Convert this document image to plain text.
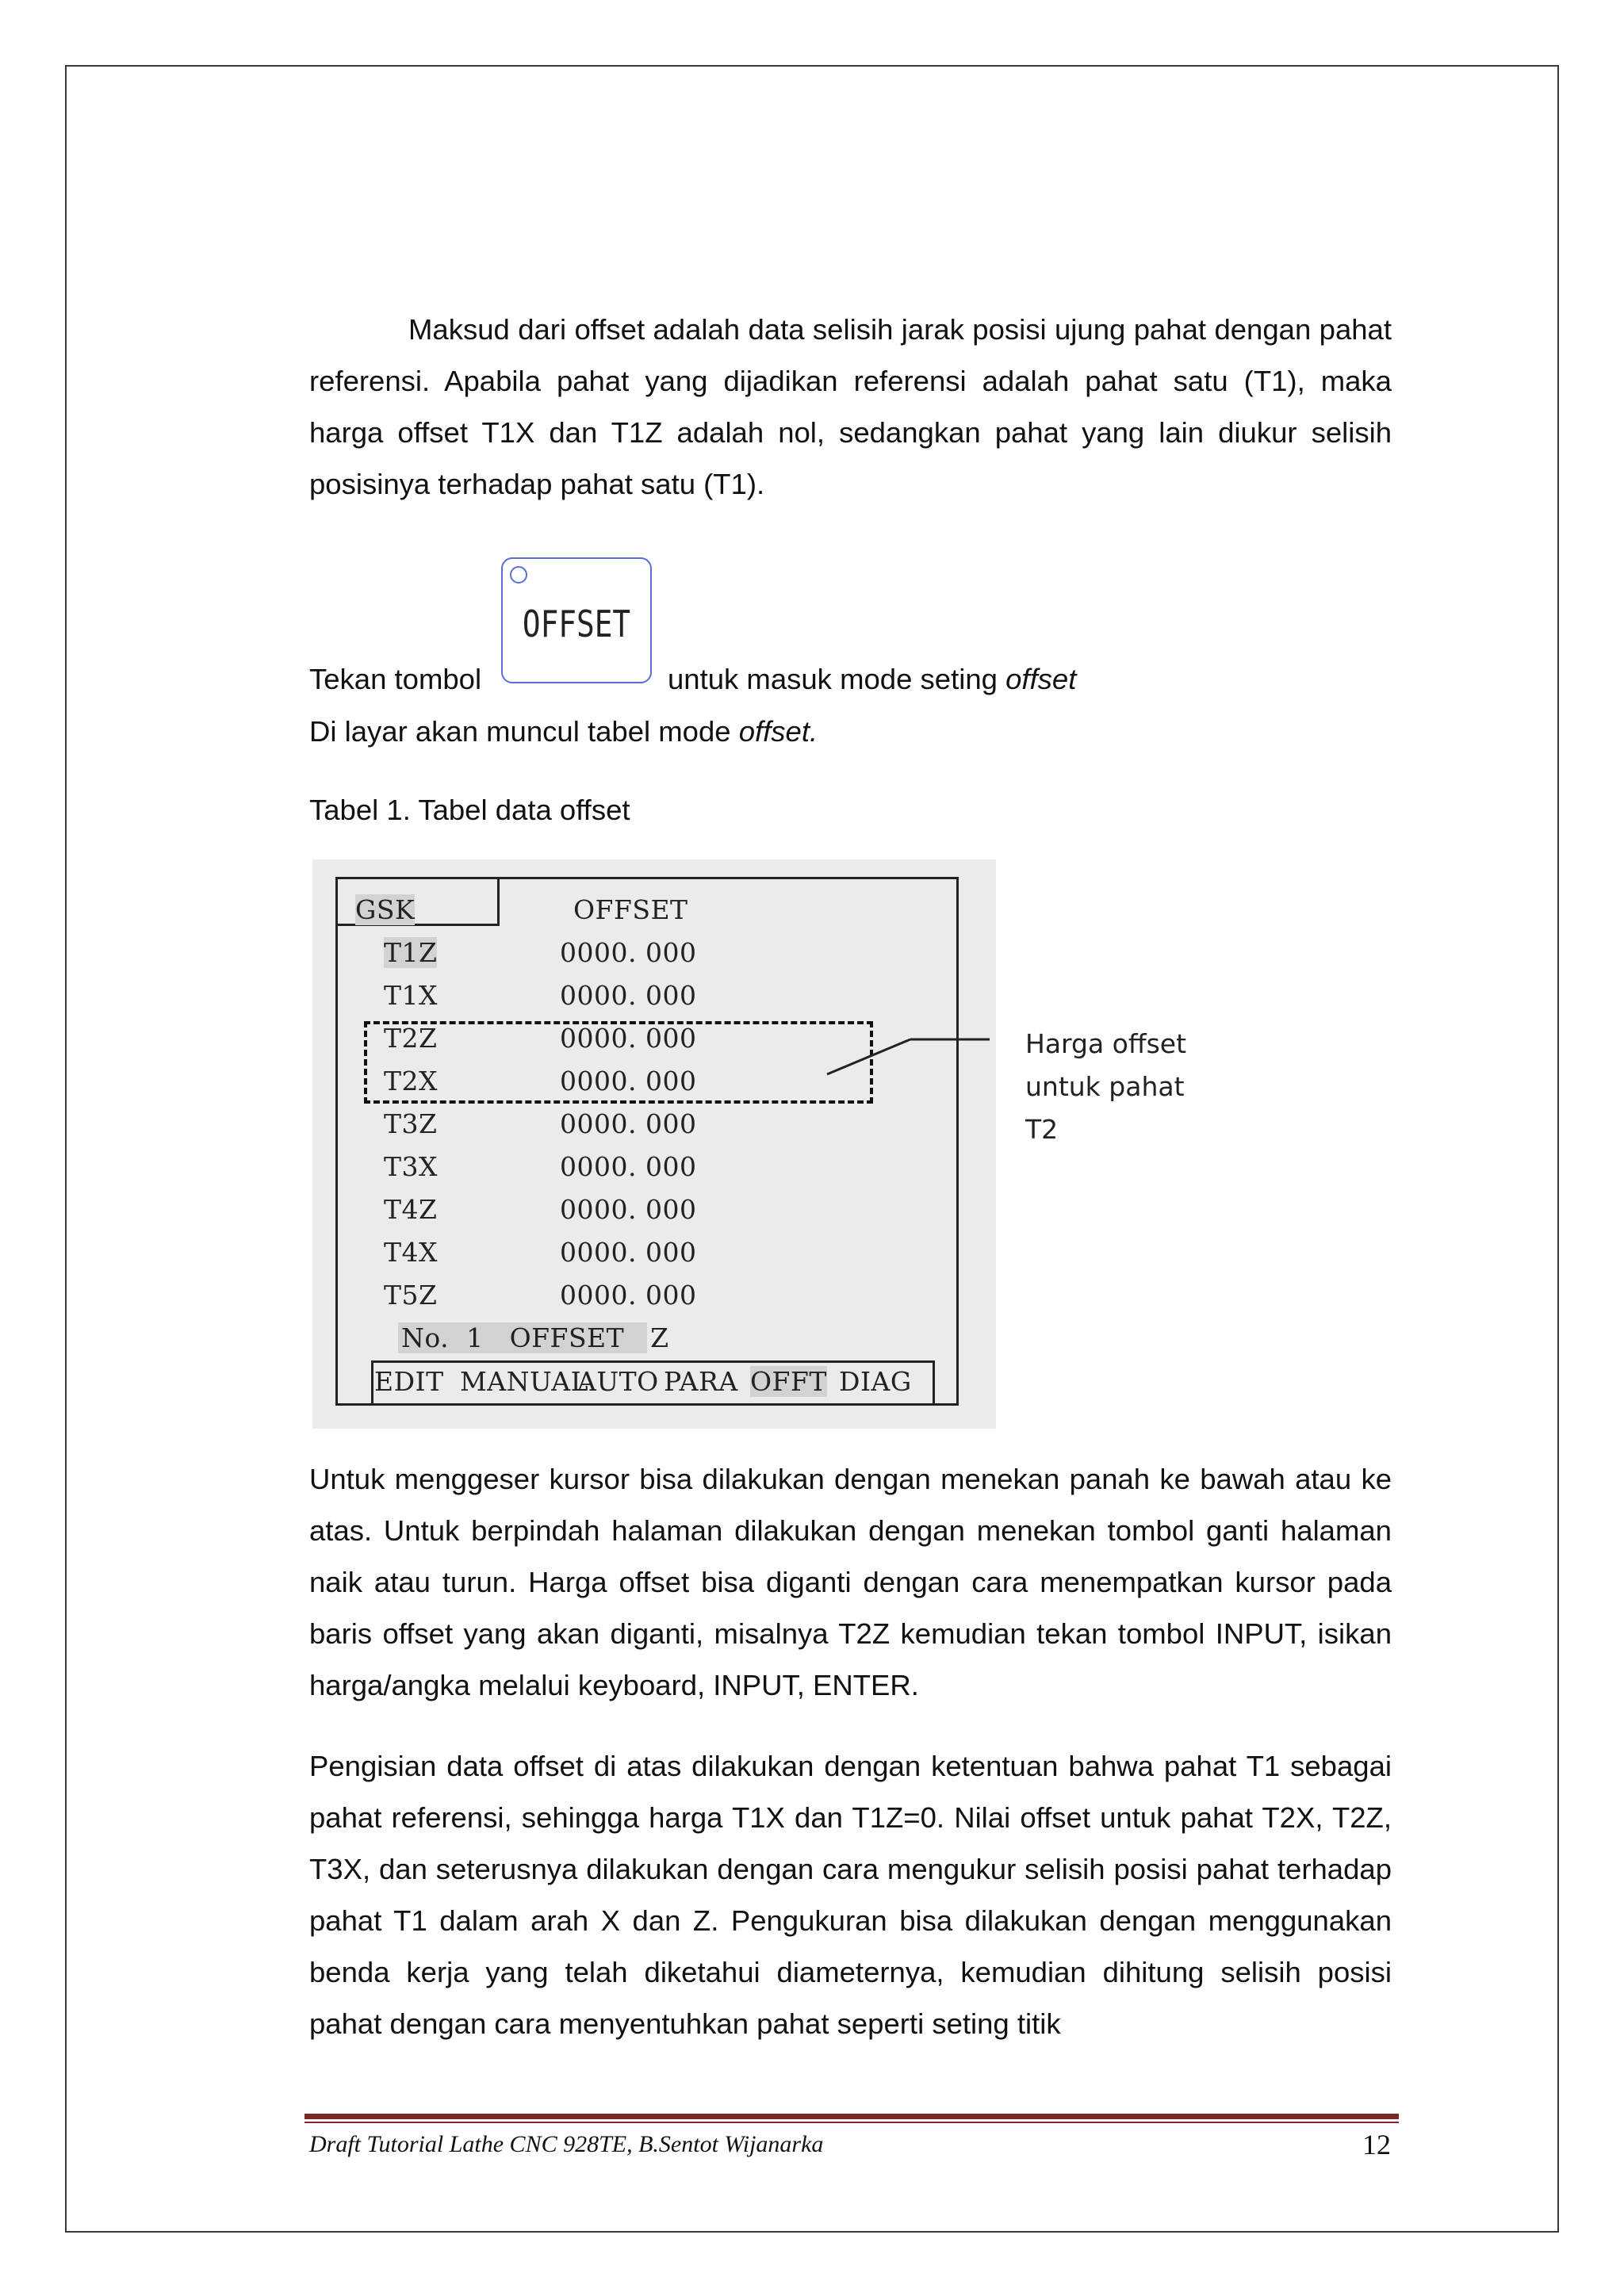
Maksud dari offset adalah data selisih jarak posisi ujung pahat dengan pahat referensi. Apabila pahat yang dijadikan referensi adalah pahat satu (T1), maka harga offset T1X dan T1Z adalah nol, sedangkan pahat yang lain diukur selisih posisinya terhadap pahat satu (T1).

OFFSET
Tekan tombol	untuk masuk mode seting offset
Di layar akan muncul tabel mode offset.
Tabel 1. Tabel data offset
GSK	OFFSET
T1Z	0000. 000
T1X	0000. 000
T2Z	0000. 000
T2X	0000. 000
T3Z	0000. 000
T3X	0000. 000
T4Z	0000. 000
T4X	0000. 000
T5Z	0000. 000
No.  1   OFFSET   Z
EDIT MANUAL
AUTO PARA OFFT DIAG
Harga offset
untuk pahat
T2

Untuk menggeser kursor bisa dilakukan dengan menekan panah ke bawah atau ke atas. Untuk berpindah halaman dilakukan dengan menekan tombol ganti halaman naik atau turun. Harga offset bisa diganti dengan cara menempatkan kursor pada baris offset yang akan diganti, misalnya T2Z kemudian tekan tombol INPUT, isikan harga/angka melalui keyboard, INPUT, ENTER.

Pengisian data offset di atas dilakukan dengan ketentuan bahwa pahat T1 sebagai pahat referensi, sehingga harga T1X dan T1Z=0. Nilai offset untuk pahat T2X, T2Z, T3X, dan seterusnya dilakukan dengan cara mengukur selisih posisi pahat terhadap pahat T1 dalam arah X dan Z. Pengukuran bisa dilakukan dengan menggunakan benda kerja yang telah diketahui diameternya, kemudian dihitung selisih posisi pahat dengan cara menyentuhkan pahat seperti seting titik

Draft Tutorial Lathe CNC 928TE, B.Sentot Wijanarka	12
